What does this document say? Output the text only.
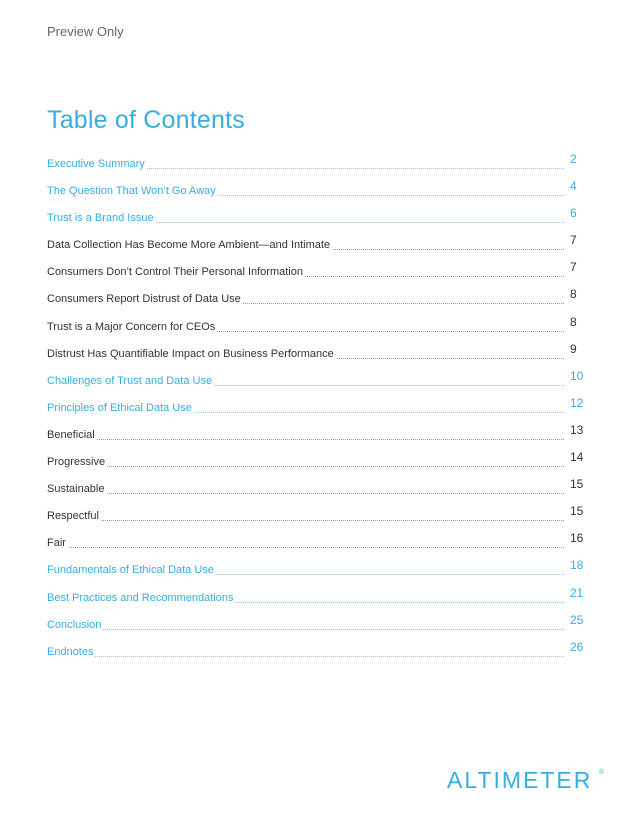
Preview Only
Table of Contents
Executive Summary	2
The Question That Won’t Go Away	4
Trust is a Brand Issue	6
Data Collection Has Become More Ambient—and Intimate	7
Consumers Don’t Control Their Personal Information	7
Consumers Report Distrust of Data Use	8
Trust is a Major Concern for CEOs	8
Distrust Has Quantifiable Impact on Business Performance	9
Challenges of Trust and Data Use	10
Principles of Ethical Data Use	12
Beneficial	13
Progressive	14
Sustainable	15
Respectful	15
Fair	16
Fundamentals of Ethical Data Use	18
Best Practices and Recommendations	21
Conclusion	25
Endnotes	26
ALTIMETER ®
